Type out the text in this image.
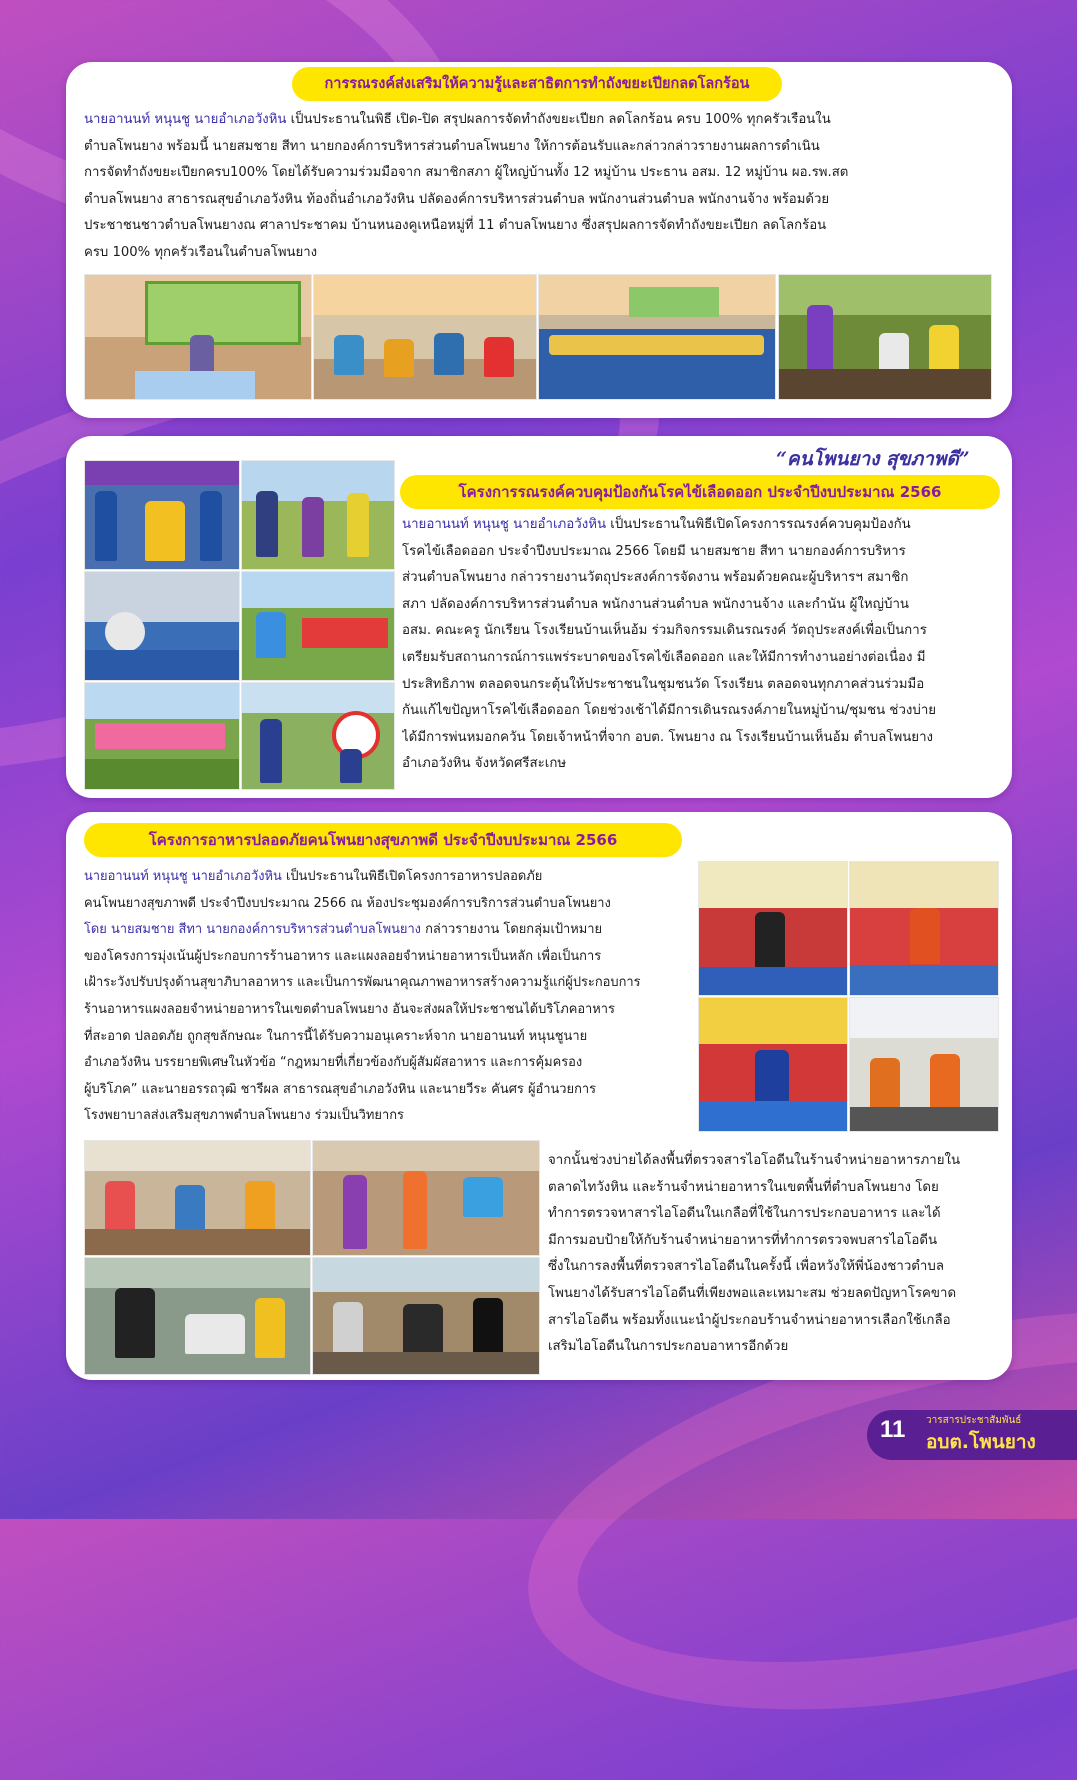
การรณรงค์ส่งเสริมให้ความรู้และสาธิตการทำถังขยะเปียกลดโลกร้อน
นายอานนท์ หนุนชู นายอำเภอวังหิน เป็นประธานในพิธี เปิด-ปิด สรุปผลการจัดทำถังขยะเปียก ลดโลกร้อน ครบ 100% ทุกครัวเรือนใน
ตำบลโพนยาง พร้อมนี้ นายสมชาย สีทา นายกองค์การบริหารส่วนตำบลโพนยาง ให้การต้อนรับและกล่าวกล่าวรายงานผลการดำเนิน
การจัดทำถังขยะเปียกครบ100% โดยได้รับความร่วมมือจาก สมาชิกสภา ผู้ใหญ่บ้านทั้ง 12 หมู่บ้าน ประธาน อสม. 12 หมู่บ้าน ผอ.รพ.สต
ตำบลโพนยาง สาธารณสุขอำเภอวังหิน ท้องถิ่นอำเภอวังหิน ปลัดองค์การบริหารส่วนตำบล พนักงานส่วนตำบล พนักงานจ้าง พร้อมด้วย
ประชาชนชาวตำบลโพนยางณ ศาลาประชาคม บ้านหนองคูเหนือหมู่ที่ 11 ตำบลโพนยาง ซึ่งสรุปผลการจัดทำถังขยะเปียก ลดโลกร้อน
ครบ 100% ทุกครัวเรือนในตำบลโพนยาง
“คนโพนยาง สุขภาพดี”
โครงการรณรงค์ควบคุมป้องกันโรคไข้เลือดออก ประจำปีงบประมาณ 2566
นายอานนท์ หนุนชู นายอำเภอวังหิน เป็นประธานในพิธีเปิดโครงการรณรงค์ควบคุมป้องกัน
โรคไข้เลือดออก ประจำปีงบประมาณ 2566 โดยมี นายสมชาย สีทา นายกองค์การบริหาร
ส่วนตำบลโพนยาง กล่าวรายงานวัตถุประสงค์การจัดงาน พร้อมด้วยคณะผู้บริหารฯ สมาชิก
สภา ปลัดองค์การบริหารส่วนตำบล พนักงานส่วนตำบล พนักงานจ้าง และกำนัน ผู้ใหญ่บ้าน
อสม. คณะครู นักเรียน โรงเรียนบ้านเห็นอ้ม ร่วมกิจกรรมเดินรณรงค์ วัตถุประสงค์เพื่อเป็นการ
เตรียมรับสถานการณ์การแพร่ระบาดของโรคไข้เลือดออก และให้มีการทำงานอย่างต่อเนื่อง มี
ประสิทธิภาพ ตลอดจนกระตุ้นให้ประชาชนในชุมชนวัด โรงเรียน ตลอดจนทุกภาคส่วนร่วมมือ
กันแก้ไขปัญหาโรคไข้เลือดออก โดยช่วงเช้าได้มีการเดินรณรงค์ภายในหมู่บ้าน/ชุมชน ช่วงบ่าย
ได้มีการพ่นหมอกควัน โดยเจ้าหน้าที่จาก อบต. โพนยาง ณ โรงเรียนบ้านเห็นอ้ม ตำบลโพนยาง
อำเภอวังหิน จังหวัดศรีสะเกษ
โครงการอาหารปลอดภัยคนโพนยางสุขภาพดี ประจำปีงบประมาณ 2566
นายอานนท์ หนุนชู นายอำเภอวังหิน เป็นประธานในพิธีเปิดโครงการอาหารปลอดภัย
คนโพนยางสุขภาพดี ประจำปีงบประมาณ 2566 ณ ห้องประชุมองค์การบริการส่วนตำบลโพนยาง
โดย นายสมชาย สีทา นายกองค์การบริหารส่วนตำบลโพนยาง กล่าวรายงาน โดยกลุ่มเป้าหมาย
ของโครงการมุ่งเน้นผู้ประกอบการร้านอาหาร และแผงลอยจำหน่ายอาหารเป็นหลัก เพื่อเป็นการ
เฝ้าระวังปรับปรุงด้านสุขาภิบาลอาหาร และเป็นการพัฒนาคุณภาพอาหารสร้างความรู้แก่ผู้ประกอบการ
ร้านอาหารแผงลอยจำหน่ายอาหารในเขตตำบลโพนยาง อันจะส่งผลให้ประชาชนได้บริโภคอาหาร
ที่สะอาด ปลอดภัย ถูกสุขลักษณะ ในการนี้ได้รับความอนุเคราะห์จาก นายอานนท์ หนุนชูนาย
อำเภอวังหิน บรรยายพิเศษในหัวข้อ “กฎหมายที่เกี่ยวข้องกับผู้สัมผัสอาหาร และการคุ้มครอง
ผู้บริโภค” และนายอรรถวุฒิ ชารีผล สาธารณสุขอำเภอวังหิน และนายวีระ คันศร ผู้อำนวยการ
โรงพยาบาลส่งเสริมสุขภาพตำบลโพนยาง ร่วมเป็นวิทยากร
จากนั้นช่วงบ่ายได้ลงพื้นที่ตรวจสารไอโอดีนในร้านจำหน่ายอาหารภายใน
ตลาดไทวังหิน และร้านจำหน่ายอาหารในเขตพื้นที่ตำบลโพนยาง โดย
ทำการตรวจหาสารไอโอดีนในเกลือที่ใช้ในการประกอบอาหาร และได้
มีการมอบป้ายให้กับร้านจำหน่ายอาหารที่ทำการตรวจพบสารไอโอดีน
ซึ่งในการลงพื้นที่ตรวจสารไอโอดีนในครั้งนี้ เพื่อหวังให้พี่น้องชาวตำบล
โพนยางได้รับสารไอโอดีนที่เพียงพอและเหมาะสม ช่วยลดปัญหาโรคขาด
สารไอโอดีน พร้อมทั้งแนะนำผู้ประกอบร้านจำหน่ายอาหารเลือกใช้เกลือ
เสริมไอโอดีนในการประกอบอาหารอีกด้วย
11 วารสารประชาสัมพันธ์
อบต.โพนยาง
